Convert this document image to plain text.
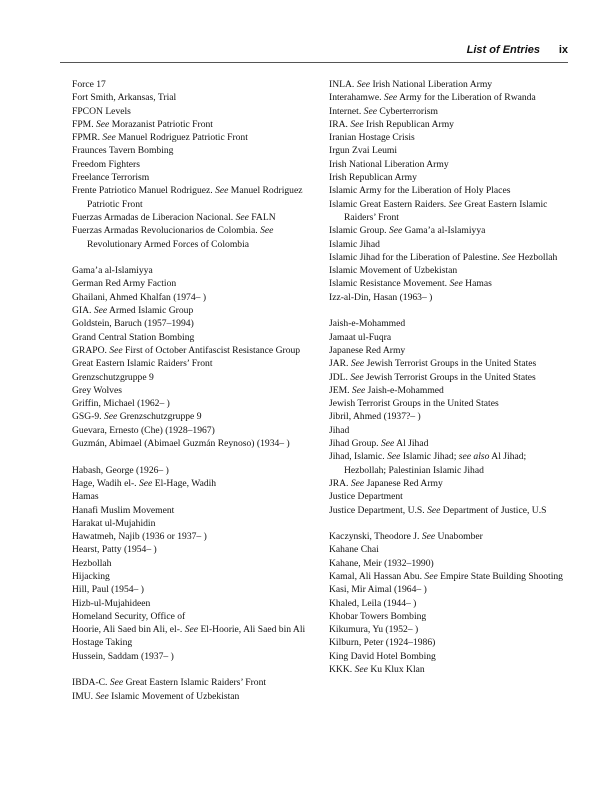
List of Entries ix
Force 17
Fort Smith, Arkansas, Trial
FPCON Levels
FPM. See Morazanist Patriotic Front
FPMR. See Manuel Rodriguez Patriotic Front
Fraunces Tavern Bombing
Freedom Fighters
Freelance Terrorism
Frente Patriotico Manuel Rodriguez. See Manuel Rodriguez Patriotic Front
Fuerzas Armadas de Liberacion Nacional. See FALN
Fuerzas Armadas Revolucionarios de Colombia. See Revolutionary Armed Forces of Colombia
Gama’a al-Islamiyya
German Red Army Faction
Ghailani, Ahmed Khalfan (1974– )
GIA. See Armed Islamic Group
Goldstein, Baruch (1957–1994)
Grand Central Station Bombing
GRAPO. See First of October Antifascist Resistance Group
Great Eastern Islamic Raiders’ Front
Grenzschutzgruppe 9
Grey Wolves
Griffin, Michael (1962– )
GSG-9. See Grenzschutzgruppe 9
Guevara, Ernesto (Che) (1928–1967)
Guzmán, Abimael (Abimael Guzmán Reynoso) (1934– )
Habash, George (1926– )
Hage, Wadih el-. See El-Hage, Wadih
Hamas
Hanafi Muslim Movement
Harakat ul-Mujahidin
Hawatmeh, Najib (1936 or 1937– )
Hearst, Patty (1954– )
Hezbollah
Hijacking
Hill, Paul (1954– )
Hizb-ul-Mujahideen
Homeland Security, Office of
Hoorie, Ali Saed bin Ali, el-. See El-Hoorie, Ali Saed bin Ali
Hostage Taking
Hussein, Saddam (1937– )
IBDA-C. See Great Eastern Islamic Raiders’ Front
IMU. See Islamic Movement of Uzbekistan
INLA. See Irish National Liberation Army
Interahamwe. See Army for the Liberation of Rwanda
Internet. See Cyberterrorism
IRA. See Irish Republican Army
Iranian Hostage Crisis
Irgun Zvai Leumi
Irish National Liberation Army
Irish Republican Army
Islamic Army for the Liberation of Holy Places
Islamic Great Eastern Raiders. See Great Eastern Islamic Raiders’ Front
Islamic Group. See Gama’a al-Islamiyya
Islamic Jihad
Islamic Jihad for the Liberation of Palestine. See Hezbollah
Islamic Movement of Uzbekistan
Islamic Resistance Movement. See Hamas
Izz-al-Din, Hasan (1963– )
Jaish-e-Mohammed
Jamaat ul-Fuqra
Japanese Red Army
JAR. See Jewish Terrorist Groups in the United States
JDL. See Jewish Terrorist Groups in the United States
JEM. See Jaish-e-Mohammed
Jewish Terrorist Groups in the United States
Jibril, Ahmed (1937?– )
Jihad
Jihad Group. See Al Jihad
Jihad, Islamic. See Islamic Jihad; see also Al Jihad; Hezbollah; Palestinian Islamic Jihad
JRA. See Japanese Red Army
Justice Department
Justice Department, U.S. See Department of Justice, U.S
Kaczynski, Theodore J. See Unabomber
Kahane Chai
Kahane, Meir (1932–1990)
Kamal, Ali Hassan Abu. See Empire State Building Shooting
Kasi, Mir Aimal (1964– )
Khaled, Leila (1944– )
Khobar Towers Bombing
Kikumura, Yu (1952– )
Kilburn, Peter (1924–1986)
King David Hotel Bombing
KKK. See Ku Klux Klan
